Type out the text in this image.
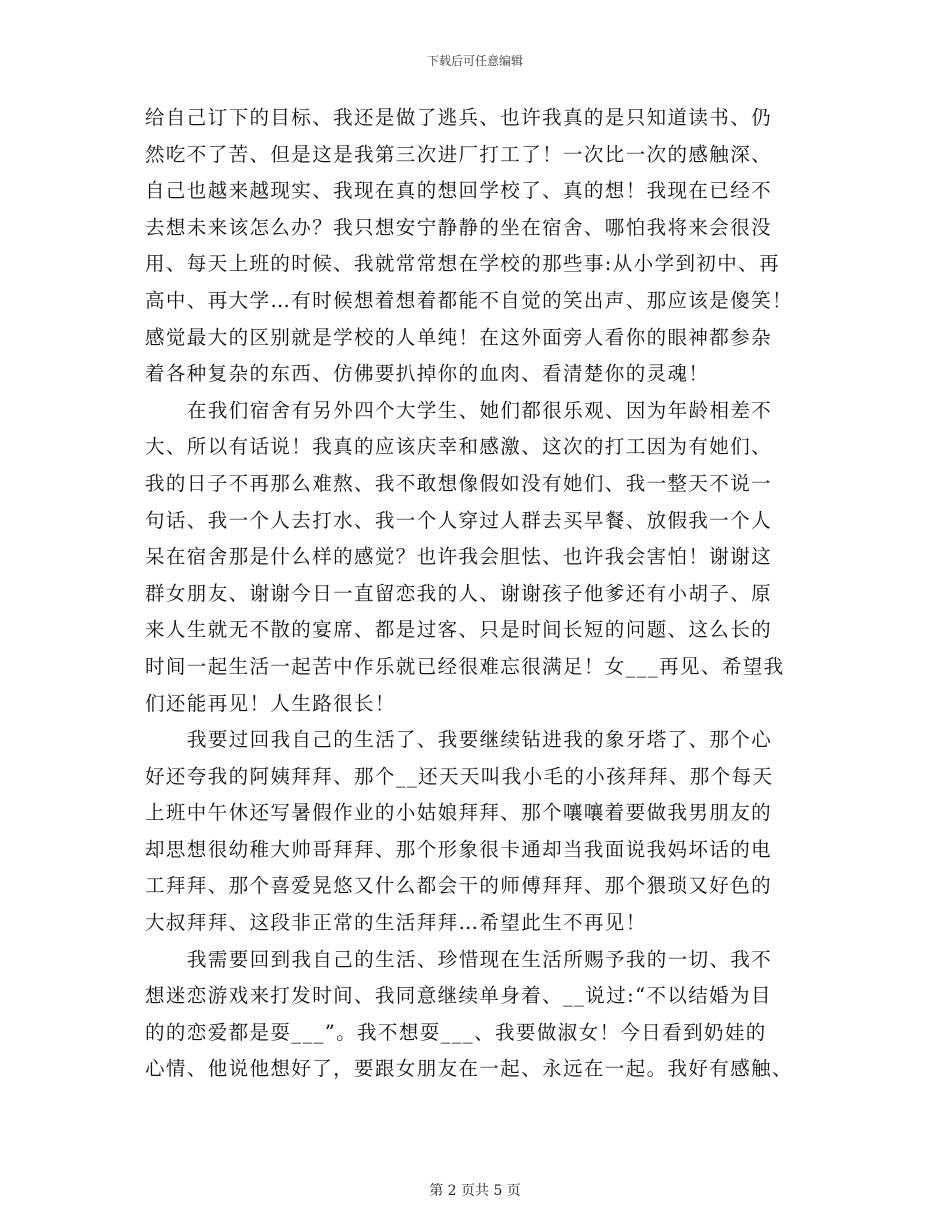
下载后可任意编辑
给自己订下的目标、我还是做了逃兵、也许我真的是只知道读书、仍
然吃不了苦、但是这是我第三次进厂打工了！一次比一次的感触深、
自己也越来越现实、我现在真的想回学校了、真的想！我现在已经不
去想未来该怎么办？我只想安宁静静的坐在宿舍、哪怕我将来会很没
用、每天上班的时候、我就常常想在学校的那些事:从小学到初中、再
高中、再大学…有时候想着想着都能不自觉的笑出声、那应该是傻笑！
感觉最大的区别就是学校的人单纯！在这外面旁人看你的眼神都参杂
着各种复杂的东西、仿佛要扒掉你的血肉、看清楚你的灵魂！
在我们宿舍有另外四个大学生、她们都很乐观、因为年龄相差不
大、所以有话说！我真的应该庆幸和感激、这次的打工因为有她们、
我的日子不再那么难熬、我不敢想像假如没有她们、我一整天不说一
句话、我一个人去打水、我一个人穿过人群去买早餐、放假我一个人
呆在宿舍那是什么样的感觉？也许我会胆怯、也许我会害怕！谢谢这
群女朋友、谢谢今日一直留恋我的人、谢谢孩子他爹还有小胡子、原
来人生就无不散的宴席、都是过客、只是时间长短的问题、这么长的
时间一起生活一起苦中作乐就已经很难忘很满足！女___再见、希望我
们还能再见！人生路很长！
我要过回我自己的生活了、我要继续钻进我的象牙塔了、那个心
好还夸我的阿姨拜拜、那个__还天天叫我小毛的小孩拜拜、那个每天
上班中午休还写暑假作业的小姑娘拜拜、那个嚷嚷着要做我男朋友的
却思想很幼稚大帅哥拜拜、那个形象很卡通却当我面说我妈坏话的电
工拜拜、那个喜爱晃悠又什么都会干的师傅拜拜、那个猥琐又好色的
大叔拜拜、这段非正常的生活拜拜…希望此生不再见！
我需要回到我自己的生活、珍惜现在生活所赐予我的一切、我不
想迷恋游戏来打发时间、我同意继续单身着、__说过:“不以结婚为目
的的恋爱都是耍___”。我不想耍___、我要做淑女！今日看到奶娃的
心情、他说他想好了，要跟女朋友在一起、永远在一起。我好有感触、
第 2 页共 5 页
